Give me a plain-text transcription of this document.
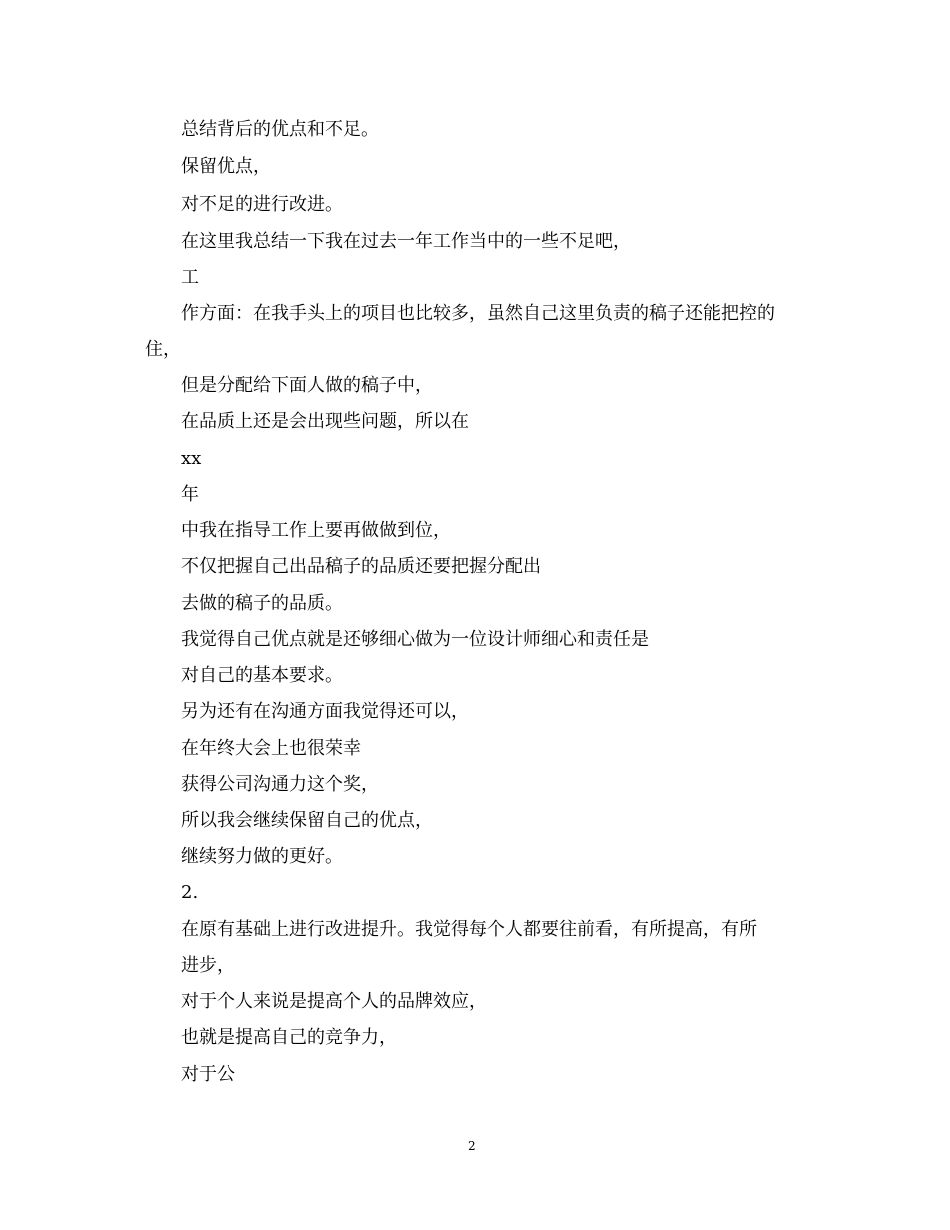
总结背后的优点和不足。
保留优点，
对不足的进行改进。
在这里我总结一下我在过去一年工作当中的一些不足吧，
工
作方面：在我手头上的项目也比较多，虽然自己这里负责的稿子还能把控的
住，
但是分配给下面人做的稿子中，
在品质上还是会出现些问题，所以在
xx
年
中我在指导工作上要再做做到位，
不仅把握自己出品稿子的品质还要把握分配出
去做的稿子的品质。
我觉得自己优点就是还够细心做为一位设计师细心和责任是
对自己的基本要求。
另为还有在沟通方面我觉得还可以，
在年终大会上也很荣幸
获得公司沟通力这个奖，
所以我会继续保留自己的优点，
继续努力做的更好。
2.
在原有基础上进行改进提升。我觉得每个人都要往前看，有所提高，有所
进步，
对于个人来说是提高个人的品牌效应，
也就是提高自己的竞争力，
对于公
2
